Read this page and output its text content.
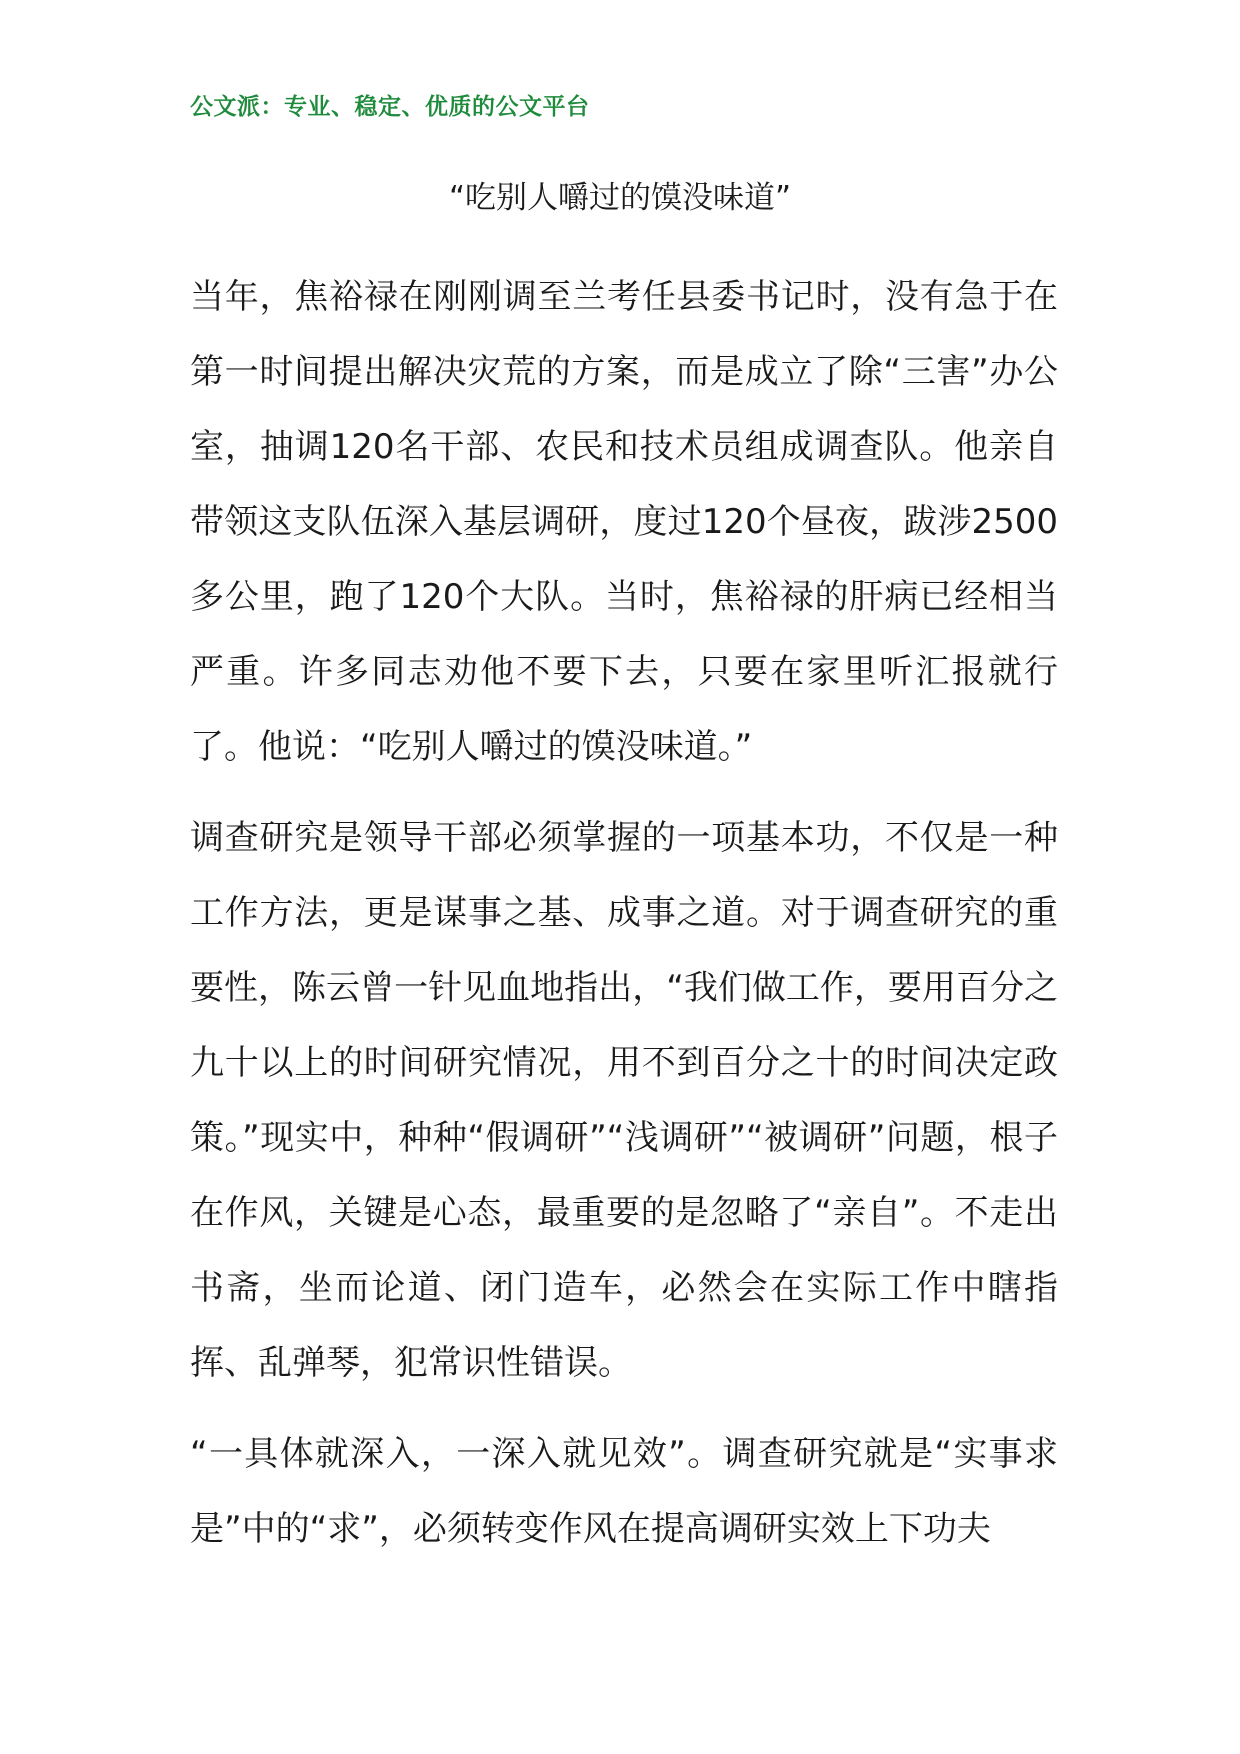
公文派：专业、稳定、优质的公文平台
“吃别人嚼过的馍没味道”

当年，焦裕禄在刚刚调至兰考任县委书记时，没有急于在第一时间提出解决灾荒的方案，而是成立了除“三害”办公室，抽调120名干部、农民和技术员组成调查队。他亲自带领这支队伍深入基层调研，度过120个昼夜，跋涉2500多公里，跑了120个大队。当时，焦裕禄的肝病已经相当严重。许多同志劝他不要下去，只要在家里听汇报就行了。他说：“吃别人嚼过的馍没味道。”

调查研究是领导干部必须掌握的一项基本功，不仅是一种工作方法，更是谋事之基、成事之道。对于调查研究的重要性，陈云曾一针见血地指出，“我们做工作，要用百分之九十以上的时间研究情况，用不到百分之十的时间决定政策。”现实中，种种“假调研”“浅调研”“被调研”问题，根子在作风，关键是心态，最重要的是忽略了“亲自”。不走出书斋，坐而论道、闭门造车，必然会在实际工作中瞎指挥、乱弹琴，犯常识性错误。

“一具体就深入，一深入就见效”。调查研究就是“实事求是”中的“求”，必须转变作风在提高调研实效上下功夫
